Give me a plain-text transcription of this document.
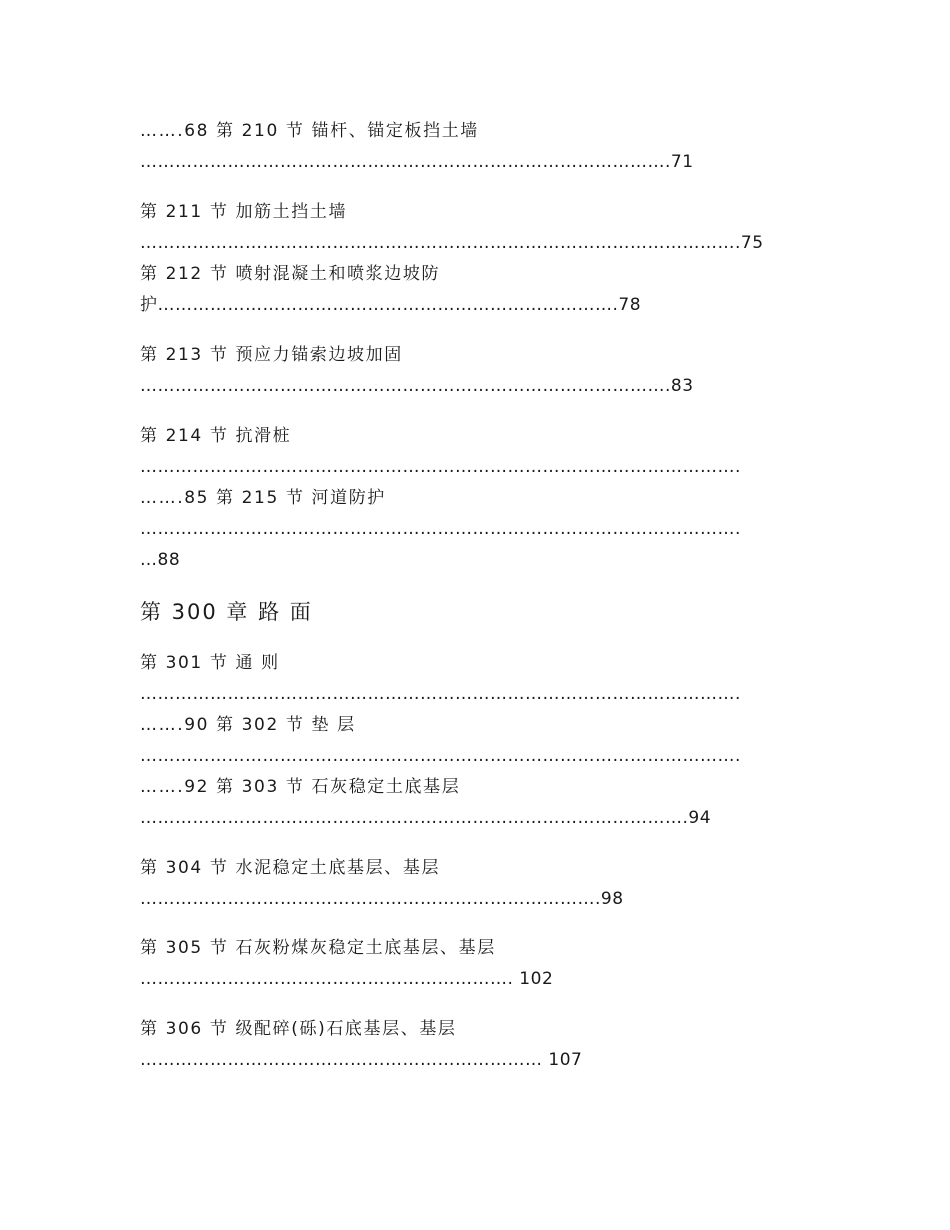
…….68 第 210 节 锚杆、锚定板挡土墙
……………………………………………………………………………….71
第 211 节 加筋土挡土墙
………………………………………………………………………………………….75
第 212 节 喷射混凝土和喷浆边坡防
护…………………………………………………………………….78
第 213 节 预应力锚索边坡加固
……………………………………………………………………………….83
第 214 节 抗滑桩
………………………………………………………………………………………….
…….85 第 215 节 河道防护
………………………………………………………………………………………….
…88
第 300 章 路 面
第 301 节 通 则
………………………………………………………………………………………….
…….90 第 302 节 垫 层
………………………………………………………………………………………….
…….92 第 303 节 石灰稳定土底基层
………………………………………………………………………………….94
第 304 节 水泥稳定土底基层、基层
…………………………………………………………………….98
第 305 节 石灰粉煤灰稳定土底基层、基层
………………………………………………………. 102
第 306 节 级配碎(砾)石底基层、基层
…………………………………………………………… 107
